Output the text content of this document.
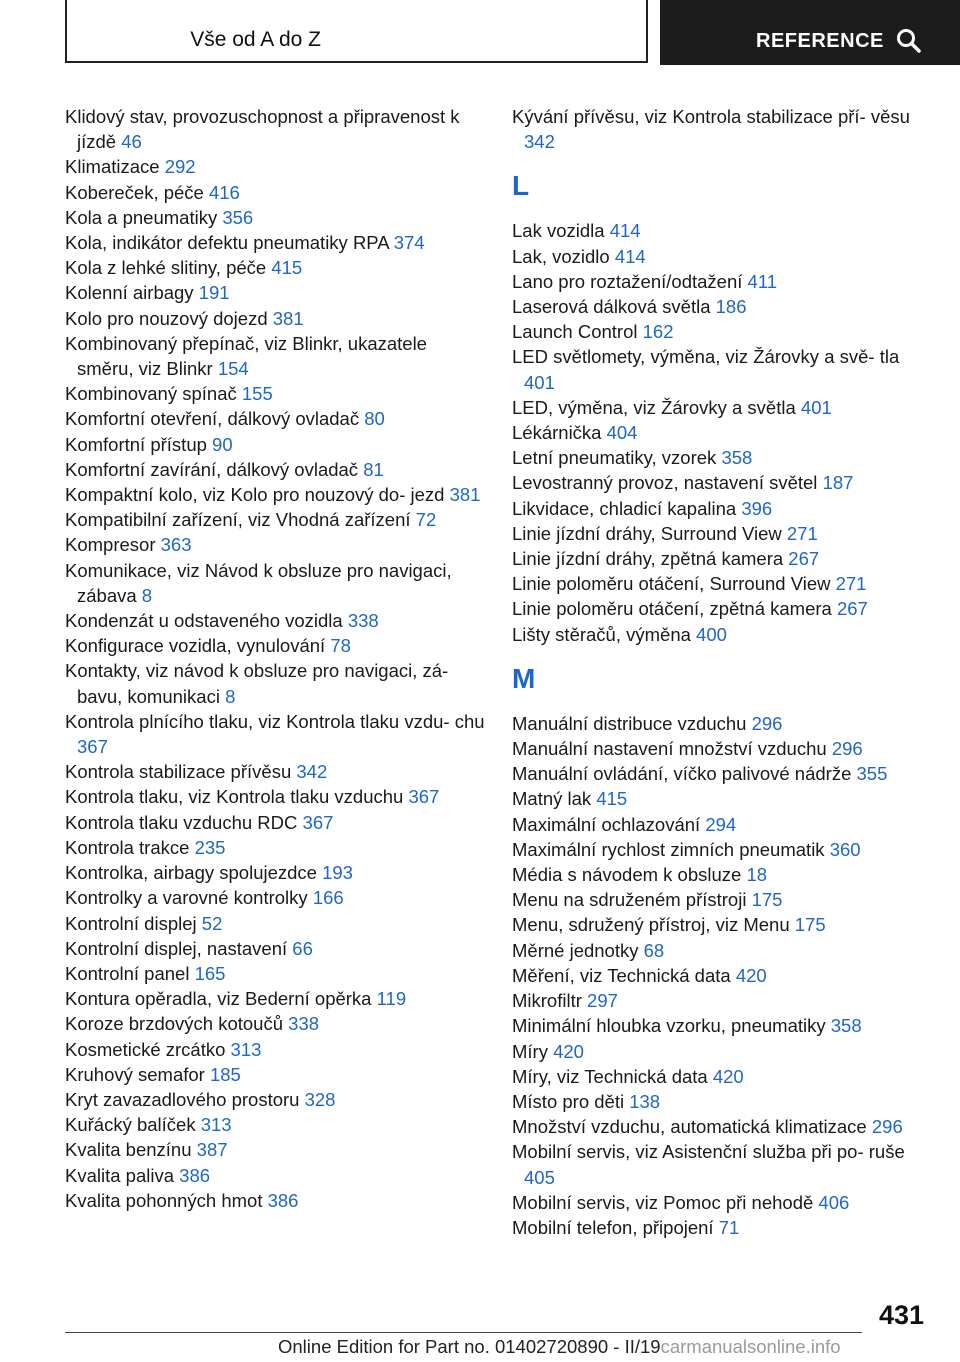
Vše od A do Z	REFERENCE

Klidový stav, provozuschopnost a připravenost k jízdě 46

Klimatizace 292

Kobereček, péče 416

Kola a pneumatiky 356

Kola, indikátor defektu pneumatiky RPA 374

Kola z lehké slitiny, péče 415

Kolenní airbagy 191

Kolo pro nouzový dojezd 381

Kombinovaný přepínač, viz Blinkr, ukazatele směru, viz Blinkr 154

Kombinovaný spínač 155

Komfortní otevření, dálkový ovladač 80

Komfortní přístup 90

Komfortní zavírání, dálkový ovladač 81

Kompaktní kolo, viz Kolo pro nouzový do‐ jezd 381

Kompatibilní zařízení, viz Vhodná zařízení 72

Kompresor 363

Komunikace, viz Návod k obsluze pro navigaci, zábava 8

Kondenzát u odstaveného vozidla 338

Konfigurace vozidla, vynulování 78

Kontakty, viz návod k obsluze pro navigaci, zá‐ bavu, komunikaci 8

Kontrola plnícího tlaku, viz Kontrola tlaku vzdu‐ chu 367

Kontrola stabilizace přívěsu 342

Kontrola tlaku, viz Kontrola tlaku vzduchu 367

Kontrola tlaku vzduchu RDC 367

Kontrola trakce 235

Kontrolka, airbagy spolujezdce 193

Kontrolky a varovné kontrolky 166

Kontrolní displej 52

Kontrolní displej, nastavení 66

Kontrolní panel 165

Kontura opěradla, viz Bederní opěrka 119

Koroze brzdových kotoučů 338

Kosmetické zrcátko 313

Kruhový semafor 185

Kryt zavazadlového prostoru 328

Kuřácký balíček 313

Kvalita benzínu 387

Kvalita paliva 386

Kvalita pohonných hmot 386

Kývání přívěsu, viz Kontrola stabilizace pří‐ věsu 342

L

Lak vozidla 414

Lak, vozidlo 414

Lano pro roztažení/odtažení 411

Laserová dálková světla 186

Launch Control 162

LED světlomety, výměna, viz Žárovky a svě‐ tla 401

LED, výměna, viz Žárovky a světla 401

Lékárnička 404

Letní pneumatiky, vzorek 358

Levostranný provoz, nastavení světel 187

Likvidace, chladicí kapalina 396

Linie jízdní dráhy, Surround View 271

Linie jízdní dráhy, zpětná kamera 267

Linie poloměru otáčení, Surround View 271

Linie poloměru otáčení, zpětná kamera 267

Lišty stěračů, výměna 400

M

Manuální distribuce vzduchu 296

Manuální nastavení množství vzduchu 296

Manuální ovládání, víčko palivové nádrže 355

Matný lak 415

Maximální ochlazování 294

Maximální rychlost zimních pneumatik 360

Média s návodem k obsluze 18

Menu na sdruženém přístroji 175

Menu, sdružený přístroj, viz Menu 175

Měrné jednotky 68

Měření, viz Technická data 420

Mikrofiltr 297

Minimální hloubka vzorku, pneumatiky 358

Míry 420

Míry, viz Technická data 420

Místo pro děti 138

Množství vzduchu, automatická klimatizace 296

Mobilní servis, viz Asistenční služba při po‐ ruše 405

Mobilní servis, viz Pomoc při nehodě 406

Mobilní telefon, připojení 71

431
Online Edition for Part no. 01402720890 - II/19carmanualsonline.info
